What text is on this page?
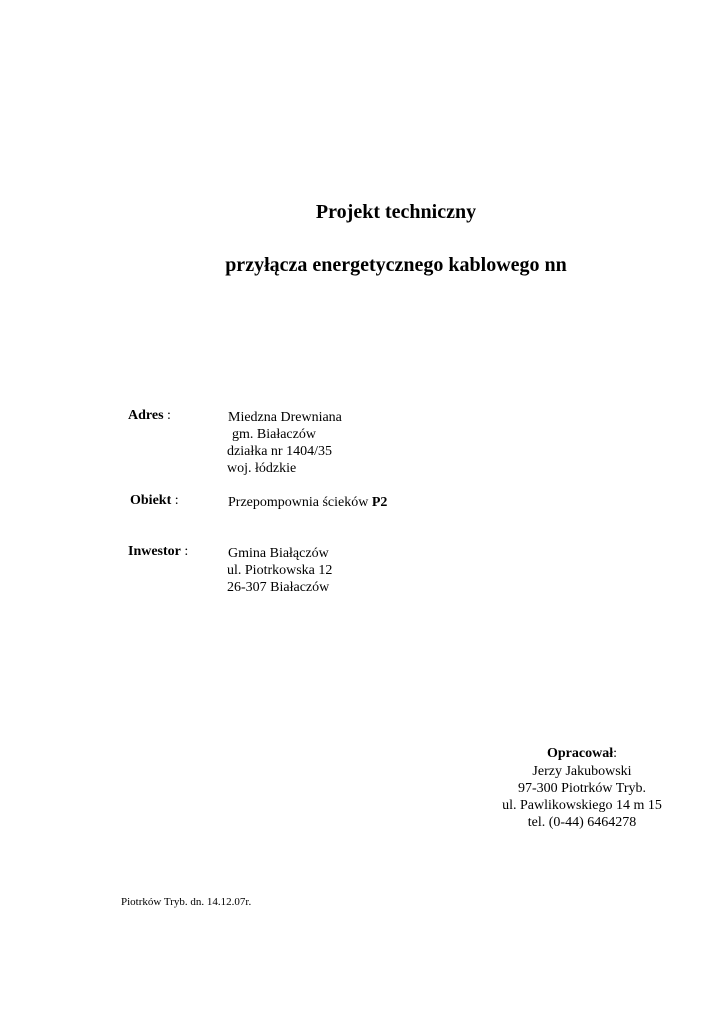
Projekt techniczny
przyłącza energetycznego kablowego nn
Adres :	Miedzna Drewniana
gm. Białaczów
działka nr 1404/35
woj. łódzkie
Obiekt :	Przepompownia ścieków P2
Inwestor :	Gmina Białączów
ul. Piotrkowska 12
26-307 Białaczów
Opracował:
Jerzy Jakubowski
97-300 Piotrków Tryb.
ul. Pawlikowskiego 14 m 15
tel. (0-44) 6464278
Piotrków Tryb. dn. 14.12.07r.
